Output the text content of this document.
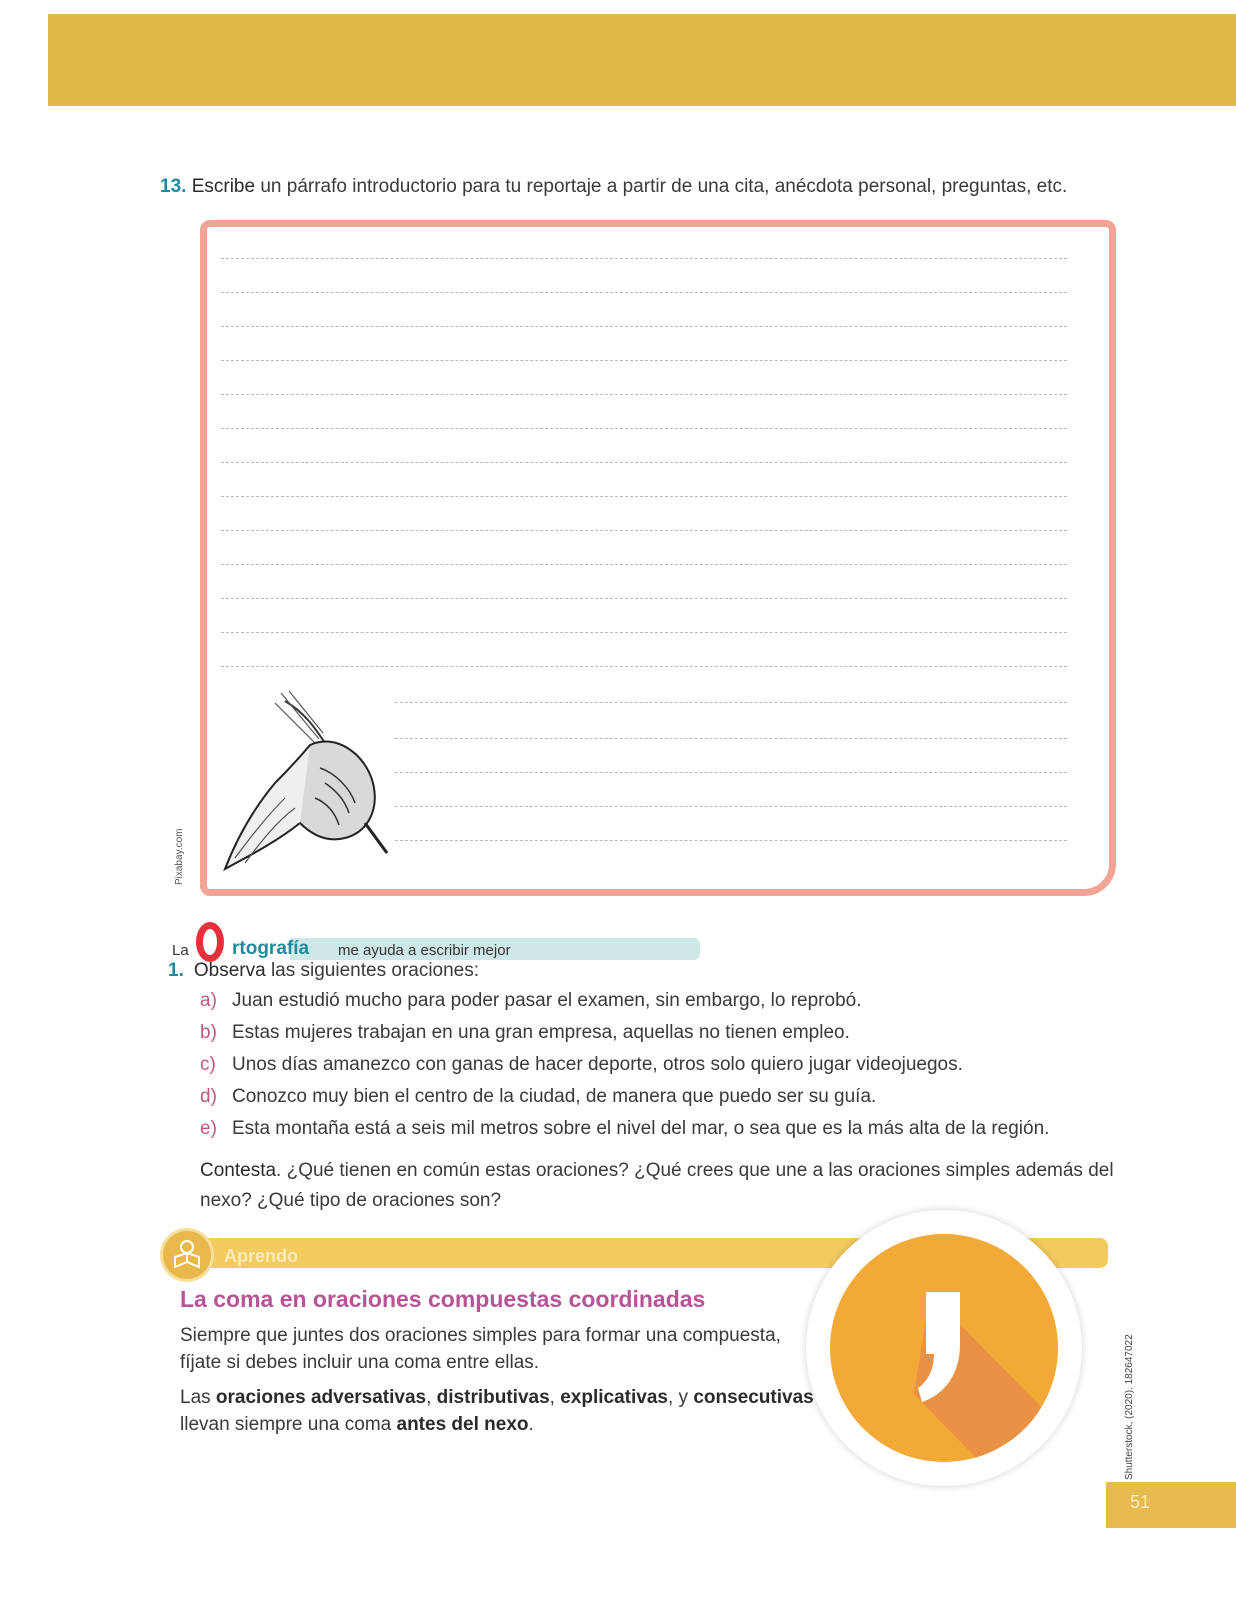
13. Escribe un párrafo introductorio para tu reportaje a partir de una cita, anécdota personal, preguntas, etc.
Pixabay.com
La rtografía me ayuda a escribir mejor
1. Observa las siguientes oraciones:
a) Juan estudió mucho para poder pasar el examen, sin embargo, lo reprobó.
b) Estas mujeres trabajan en una gran empresa, aquellas no tienen empleo.
c) Unos días amanezco con ganas de hacer deporte, otros solo quiero jugar videojuegos.
d) Conozco muy bien el centro de la ciudad, de manera que puedo ser su guía.
e) Esta montaña está a seis mil metros sobre el nivel del mar, o sea que es la más alta de la región.
Contesta. ¿Qué tienen en común estas oraciones? ¿Qué crees que une a las oraciones simples además del nexo? ¿Qué tipo de oraciones son?
Aprendo
La coma en oraciones compuestas coordinadas
Siempre que juntes dos oraciones simples para formar una compuesta, fíjate si debes incluir una coma entre ellas.
Las oraciones adversativas, distributivas, explicativas, y consecutivas llevan siempre una coma antes del nexo.	Shutterstock, (2020). 182647022
51
